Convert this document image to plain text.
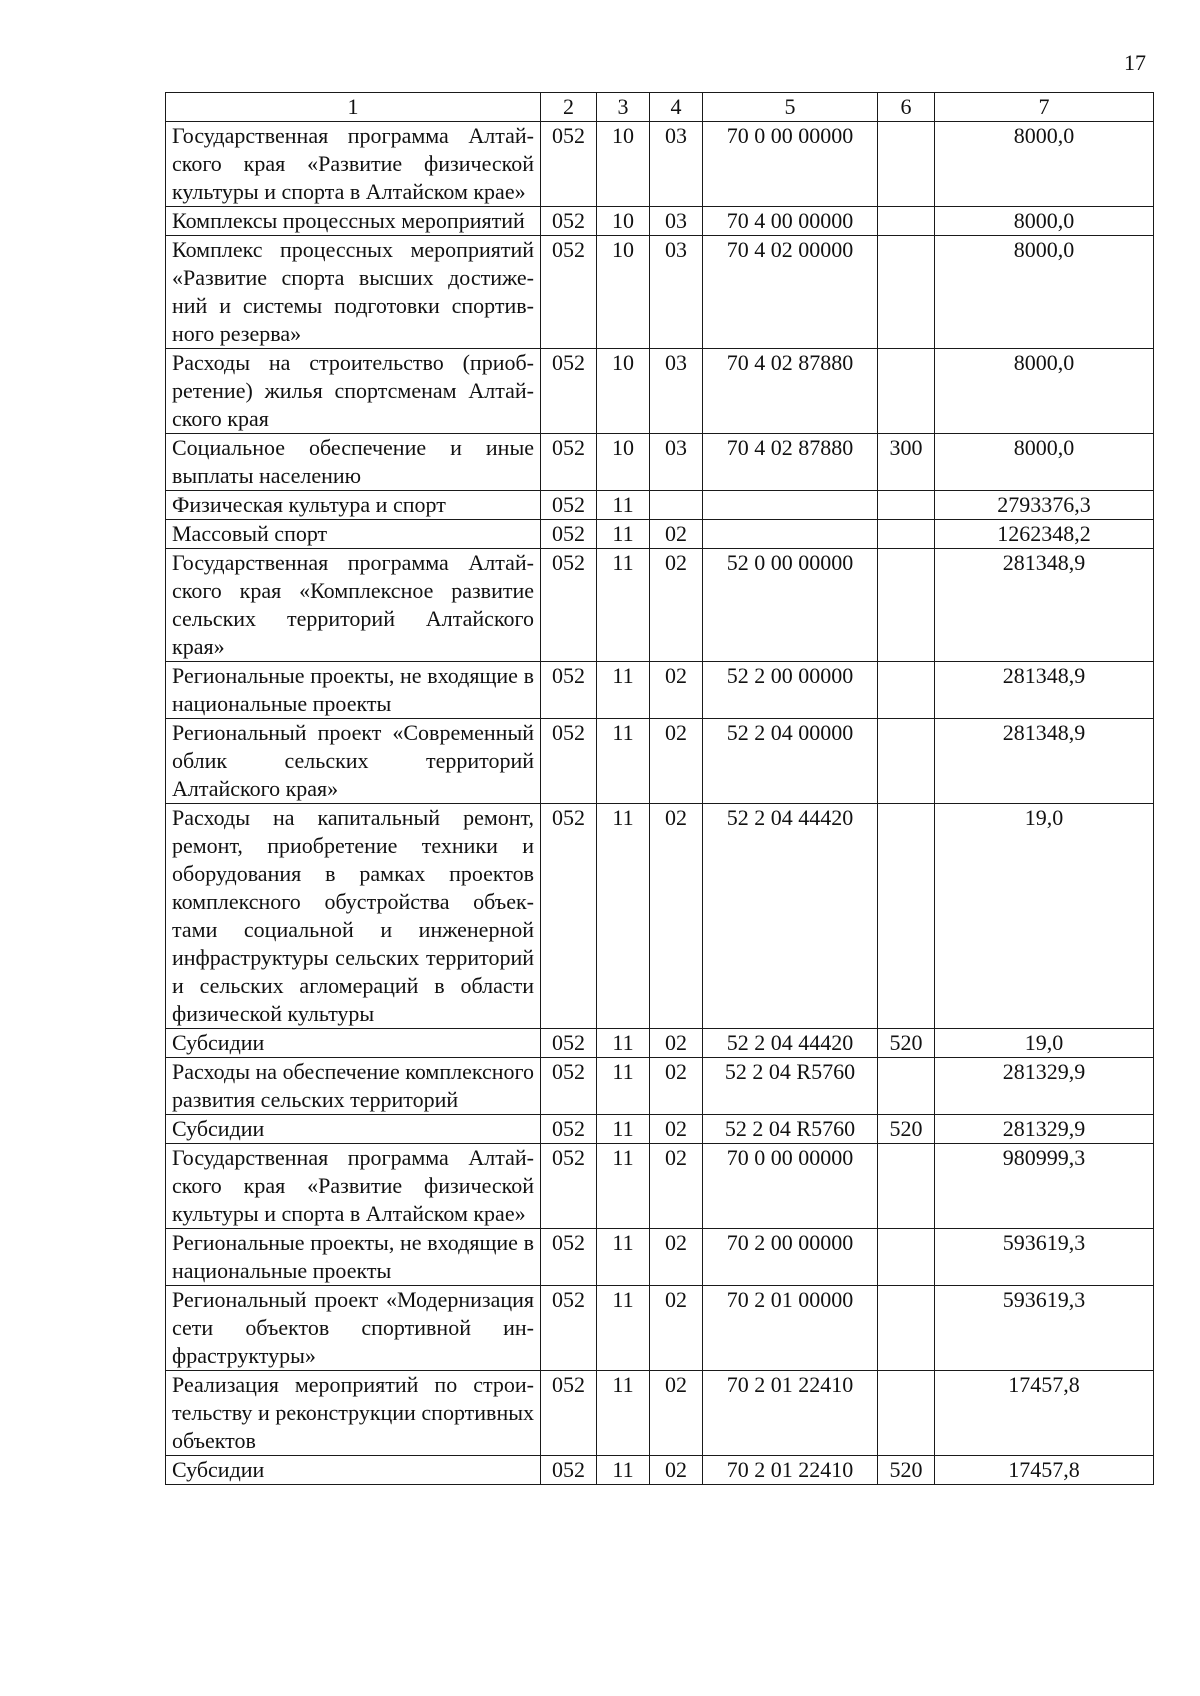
17
1	2	3	4	5	6	7
Государственная программа Алтайского края «Развитие физической культуры и спорта в Алтайском крае»	052	10	03	70 0 00 00000		8000,0
Комплексы процессных мероприятий	052	10	03	70 4 00 00000		8000,0
Комплекс процессных мероприятий «Развитие спорта высших достижений и системы подготовки спортивного резерва»	052	10	03	70 4 02 00000		8000,0
Расходы на строительство (приобретение) жилья спортсменам Алтайского края	052	10	03	70 4 02 87880		8000,0
Социальное обеспечение и иные выплаты населению	052	10	03	70 4 02 87880	300	8000,0
Физическая культура и спорт	052	11				2793376,3
Массовый спорт	052	11	02			1262348,2
Государственная программа Алтайского края «Комплексное развитие сельских территорий Алтайского края»	052	11	02	52 0 00 00000		281348,9
Региональные проекты, не входящие в национальные проекты	052	11	02	52 2 00 00000		281348,9
Региональный проект «Современный облик сельских территорий Алтайского края»	052	11	02	52 2 04 00000		281348,9
Расходы на капитальный ремонт, ремонт, приобретение техники и оборудования в рамках проектов комплексного обустройства объектами социальной и инженерной инфраструктуры сельских территорий и сельских агломераций в области физической культуры	052	11	02	52 2 04 44420		19,0
Субсидии	052	11	02	52 2 04 44420	520	19,0
Расходы на обеспечение комплексного развития сельских территорий	052	11	02	52 2 04 R5760		281329,9
Субсидии	052	11	02	52 2 04 R5760	520	281329,9
Государственная программа Алтайского края «Развитие физической культуры и спорта в Алтайском крае»	052	11	02	70 0 00 00000		980999,3
Региональные проекты, не входящие в национальные проекты	052	11	02	70 2 00 00000		593619,3
Региональный проект «Модернизация сети объектов спортивной инфраструктуры»	052	11	02	70 2 01 00000		593619,3
Реализация мероприятий по строительству и реконструкции спортивных объектов	052	11	02	70 2 01 22410		17457,8
Субсидии	052	11	02	70 2 01 22410	520	17457,8
